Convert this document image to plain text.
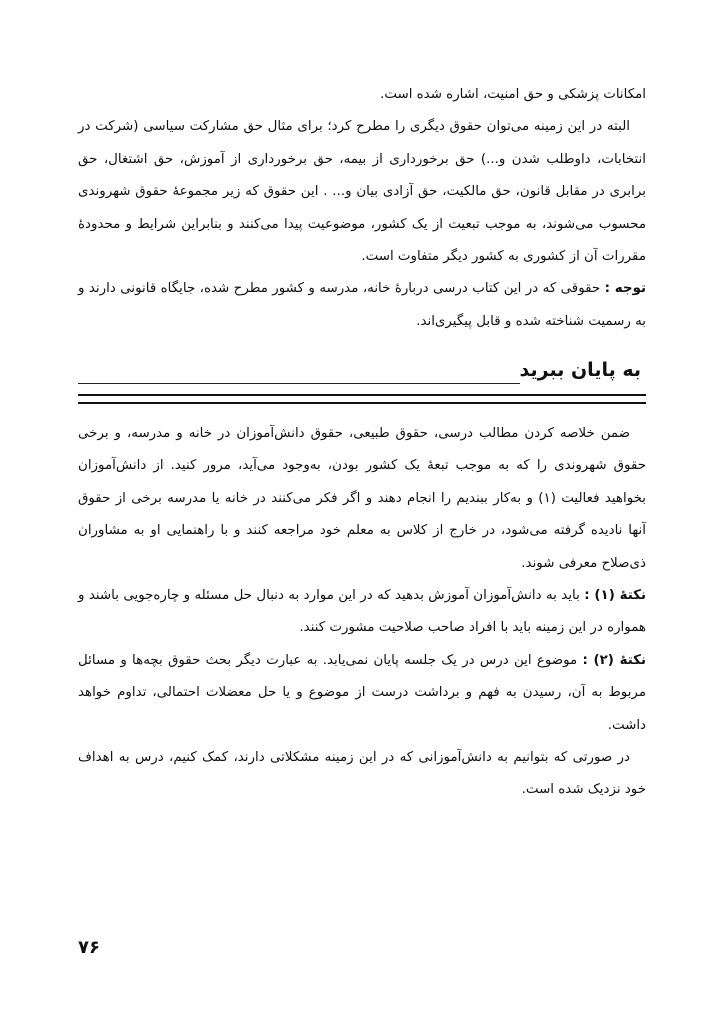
امکانات پزشکی و حق امنیت، اشاره شده است.

البته در این زمینه می‌توان حقوق دیگری را مطرح کرد؛ برای مثال حق مشارکت سیاسی (شرکت در انتخابات، داوطلب شدن و...) حق برخورداری از بیمه، حق برخورداری از آموزش، حق اشتغال، حق برابری در مقابل قانون، حق مالکیت، حق آزادی بیان و... . این حقوق که زیر مجموعهٔ حقوق شهروندی محسوب می‌شوند، به موجب تبعیت از یک کشور، موضوعیت پیدا می‌کنند و بنابراین شرایط و محدودهٔ مقررات آن از کشوری به کشور دیگر متفاوت است.

توجه : حقوقی که در این کتاب درسی دربارهٔ خانه، مدرسه و کشور مطرح شده، جایگاه قانونی دارند و به رسمیت شناخته شده و قابل پیگیری‌اند.

به پایان ببرید

ضمن خلاصه کردن مطالب درسی، حقوق طبیعی، حقوق دانش‌آموزان در خانه و مدرسه، و برخی حقوق شهروندی را که به موجب تبعهٔ یک کشور بودن، به‌وجود می‌آید، مرور کنید. از دانش‌آموزان بخواهید فعالیت (۱) و به‌کار ببندیم را انجام دهند و اگر فکر می‌کنند در خانه یا مدرسه برخی از حقوق آنها نادیده گرفته می‌شود، در خارج از کلاس به معلم خود مراجعه کنند و با راهنمایی او به مشاوران ذی‌صلاح معرفی شوند.

نکتهٔ (۱) : باید به دانش‌آموزان آموزش بدهید که در این موارد به دنبال حل مسئله و چاره‌جویی باشند و همواره در این زمینه باید با افراد صاحب صلاحیت مشورت کنند.

نکتهٔ (۲) : موضوع این درس در یک جلسه پایان نمی‌یابد. به عبارت دیگر بحث حقوق بچه‌ها و مسائل مربوط به آن، رسیدن به فهم و برداشت درست از موضوع و یا حل معضلات احتمالی، تداوم خواهد داشت.

در صورتی که بتوانیم به دانش‌آموزانی که در این زمینه مشکلاتی دارند، کمک کنیم، درس به اهداف خود نزدیک شده است.

۷۶
